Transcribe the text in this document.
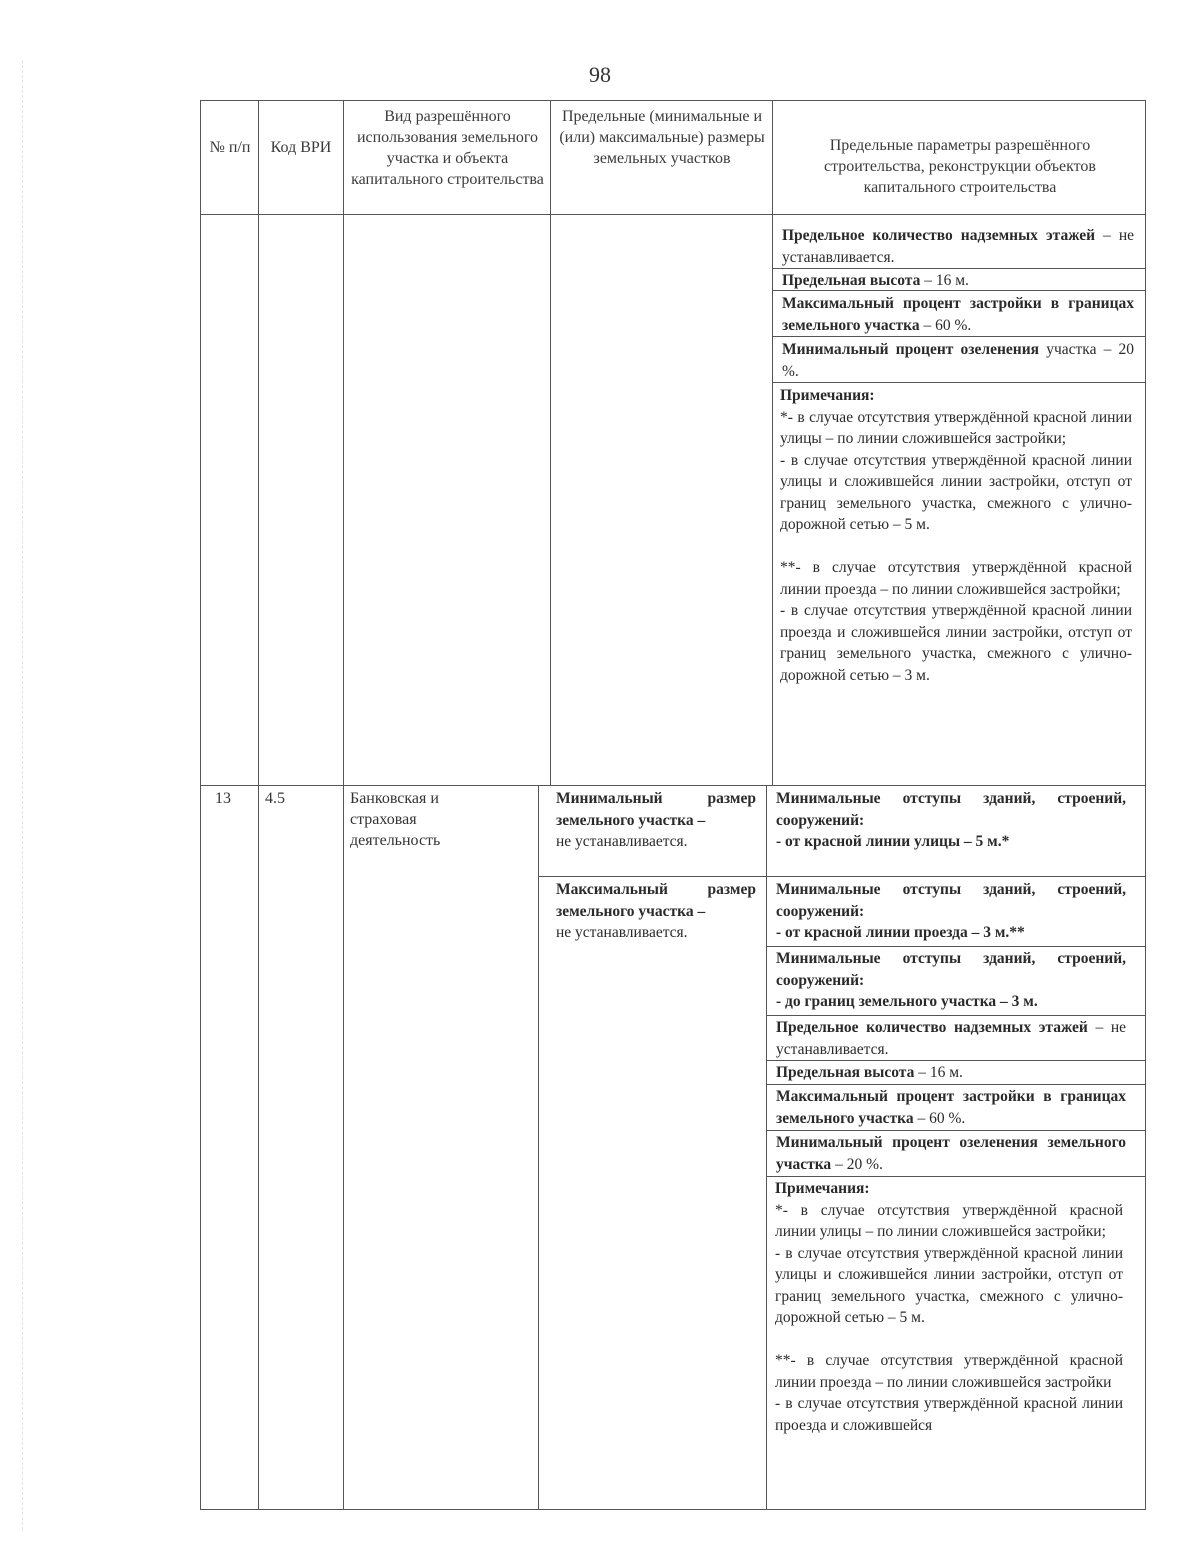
98
№ п/п	Код ВРИ
Вид разрешённого использования земельного участка и объекта капитального строительства
Предельные (минимальные и (или) максимальные) размеры земельных участков
Предельные параметры разрешённого строительства, реконструкции объектов капитального строительства
Предельное количество надземных этажей – не устанавливается.
Предельная высота – 16 м.
Максимальный процент застройки в границах земельного участка – 60 %.
Минимальный процент озеленения участка – 20 %.

Примечания:

*- в случае отсутствия утверждённой красной линии улицы – по линии сложившейся застройки;

- в случае отсутствия утверждённой красной линии улицы и сложившейся линии застройки, отступ от границ земельного участка, смежного с улично-дорожной сетью – 5 м.

**- в случае отсутствия утверждённой красной линии проезда – по линии сложившейся застройки;

- в случае отсутствия утверждённой красной линии проезда и сложившейся линии застройки, отступ от границ земельного участка, смежного с улично-дорожной сетью – 3 м.

13 4.5	Банковская и страховая деятельность
Минимальный размер земельного участка –
не устанавливается.
Максимальный размер земельного участка –
не устанавливается.
Минимальные отступы зданий, строений, сооружений:
- от красной линии улицы – 5 м.*
Минимальные отступы зданий, строений, сооружений:
- от красной линии проезда – 3 м.**
Минимальные отступы зданий, строений, сооружений:
- до границ земельного участка – 3 м.
Предельное количество надземных этажей – не устанавливается.
Предельная высота – 16 м.
Максимальный процент застройки в границах земельного участка – 60 %.
Минимальный процент озеленения земельного участка – 20 %.

Примечания:

*- в случае отсутствия утверждённой красной линии улицы – по линии сложившейся застройки;

- в случае отсутствия утверждённой красной линии улицы и сложившейся линии застройки, отступ от границ земельного участка, смежного с улично-дорожной сетью – 5 м.

**- в случае отсутствия утверждённой красной линии проезда – по линии сложившейся застройки

- в случае отсутствия утверждённой красной линии проезда и сложившейся
